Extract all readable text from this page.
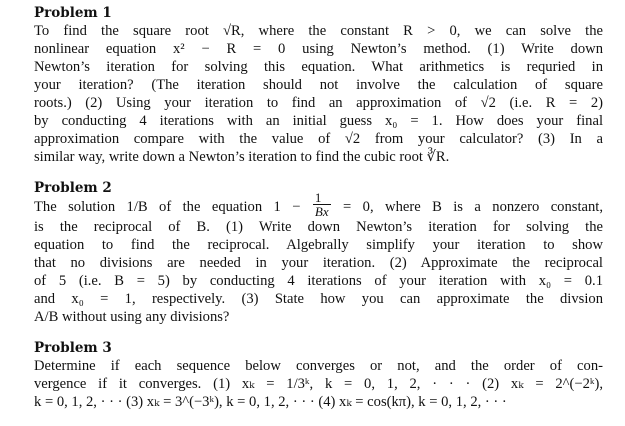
Problem 1

To find the square root √R, where the constant R > 0, we can solve the
nonlinear equation x² − R = 0 using Newton’s method. (1) Write down
Newton’s iteration for solving this equation. What arithmetics is requried in
your iteration? (The iteration should not involve the calculation of square
roots.) (2) Using your iteration to find an approximation of √2 (i.e. R = 2)
by conducting 4 iterations with an initial guess x₀ = 1. How does your final
approximation compare with the value of √2 from your calculator? (3) In a
similar way, write down a Newton’s iteration to find the cubic root ∛R.

Problem 2

The solution 1/B of the equation $1 - \frac{1}{Bx} = 0$, where B is a nonzero constant,
is the reciprocal of B. (1) Write down Newton’s iteration for solving the
equation to find the reciprocal. Algebrally simplify your iteration to show
that no divisions are needed in your iteration. (2) Approximate the reciprocal
of 5 (i.e. B = 5) by conducting 4 iterations of your iteration with x₀ = 0.1
and x₀ = 1, respectively. (3) State how you can approximate the divsion
A/B without using any divisions?

Problem 3

Determine if each sequence below converges or not, and the order of con-
vergence if it converges. (1) xₖ = 1/3ᵏ, k = 0, 1, 2, · · · (2) xₖ = 2^(−2ᵏ),
k = 0, 1, 2, · · · (3) xₖ = 3^(−3ᵏ), k = 0, 1, 2, · · · (4) xₖ = cos(kπ), k = 0, 1, 2, · · ·
